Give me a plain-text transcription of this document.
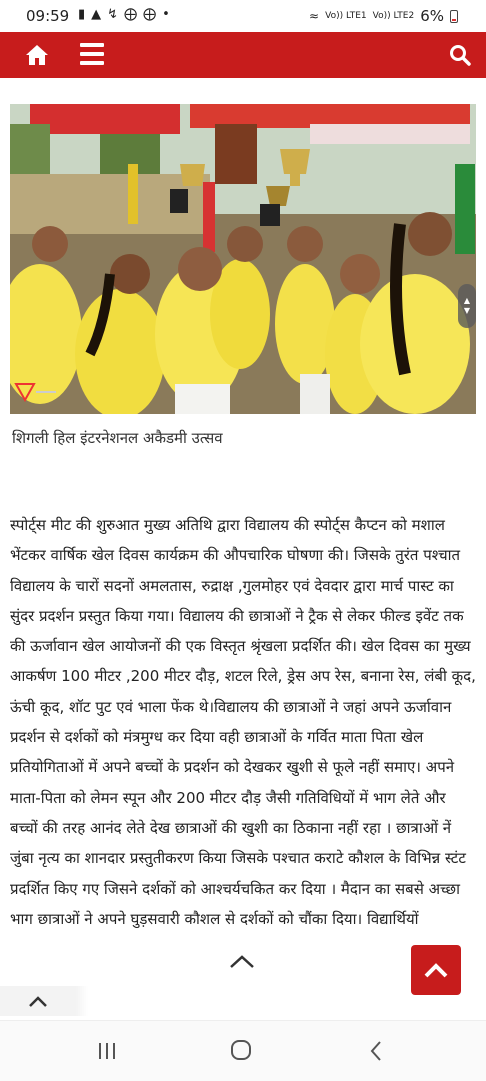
09:59 ▮ ▲ ↯ ⨁ ⨁ •	≈ Vo)) LTE1 Vo)) LTE2 6%
▲
▼
शिगली हिल इंटरनेशनल अकैडमी उत्सव

स्पोर्ट्स मीट की शुरुआत मुख्य अतिथि द्वारा विद्यालय की स्पोर्ट्स कैप्टन को मशाल भेंटकर वार्षिक खेल दिवस कार्यक्रम की औपचारिक घोषणा की। जिसके तुरंत पश्चात विद्यालय के चारों सदनों अमलतास, रुद्राक्ष ,गुलमोहर एवं देवदार द्वारा मार्च पास्ट का सुंदर प्रदर्शन प्रस्तुत किया गया। विद्यालय की छात्राओं ने ट्रैक से लेकर फील्ड इवेंट तक की ऊर्जावान खेल आयोजनों की एक विस्तृत श्रृंखला प्रदर्शित की। खेल दिवस का मुख्य आकर्षण 100 मीटर ,200 मीटर दौड़, शटल रिले, ड्रेस अप रेस, बनाना रेस, लंबी कूद, ऊंची कूद, शॉट पुट एवं भाला फेंक थे।विद्यालय की छात्राओं ने जहां अपने ऊर्जावान प्रदर्शन से दर्शकों को मंत्रमुग्ध कर दिया वही छात्राओं के गर्वित माता पिता खेल प्रतियोगिताओं में अपने बच्चों के प्रदर्शन को देखकर खुशी से फूले नहीं समाए। अपने माता-पिता को लेमन स्पून और 200 मीटर दौड़ जैसी गतिविधियों में भाग लेते और बच्चों की तरह आनंद लेते देख छात्राओं की खुशी का ठिकाना नहीं रहा । छात्राओं नें जुंबा नृत्य का शानदार प्रस्तुतीकरण किया जिसके पश्चात कराटे कौशल के विभिन्न स्टंट प्रदर्शित किए गए जिसने दर्शकों को आश्चर्यचकित कर दिया । मैदान का सबसे अच्छा भाग छात्राओं ने अपने घुड़सवारी कौशल से दर्शकों को चौंका दिया। विद्यार्थियों
